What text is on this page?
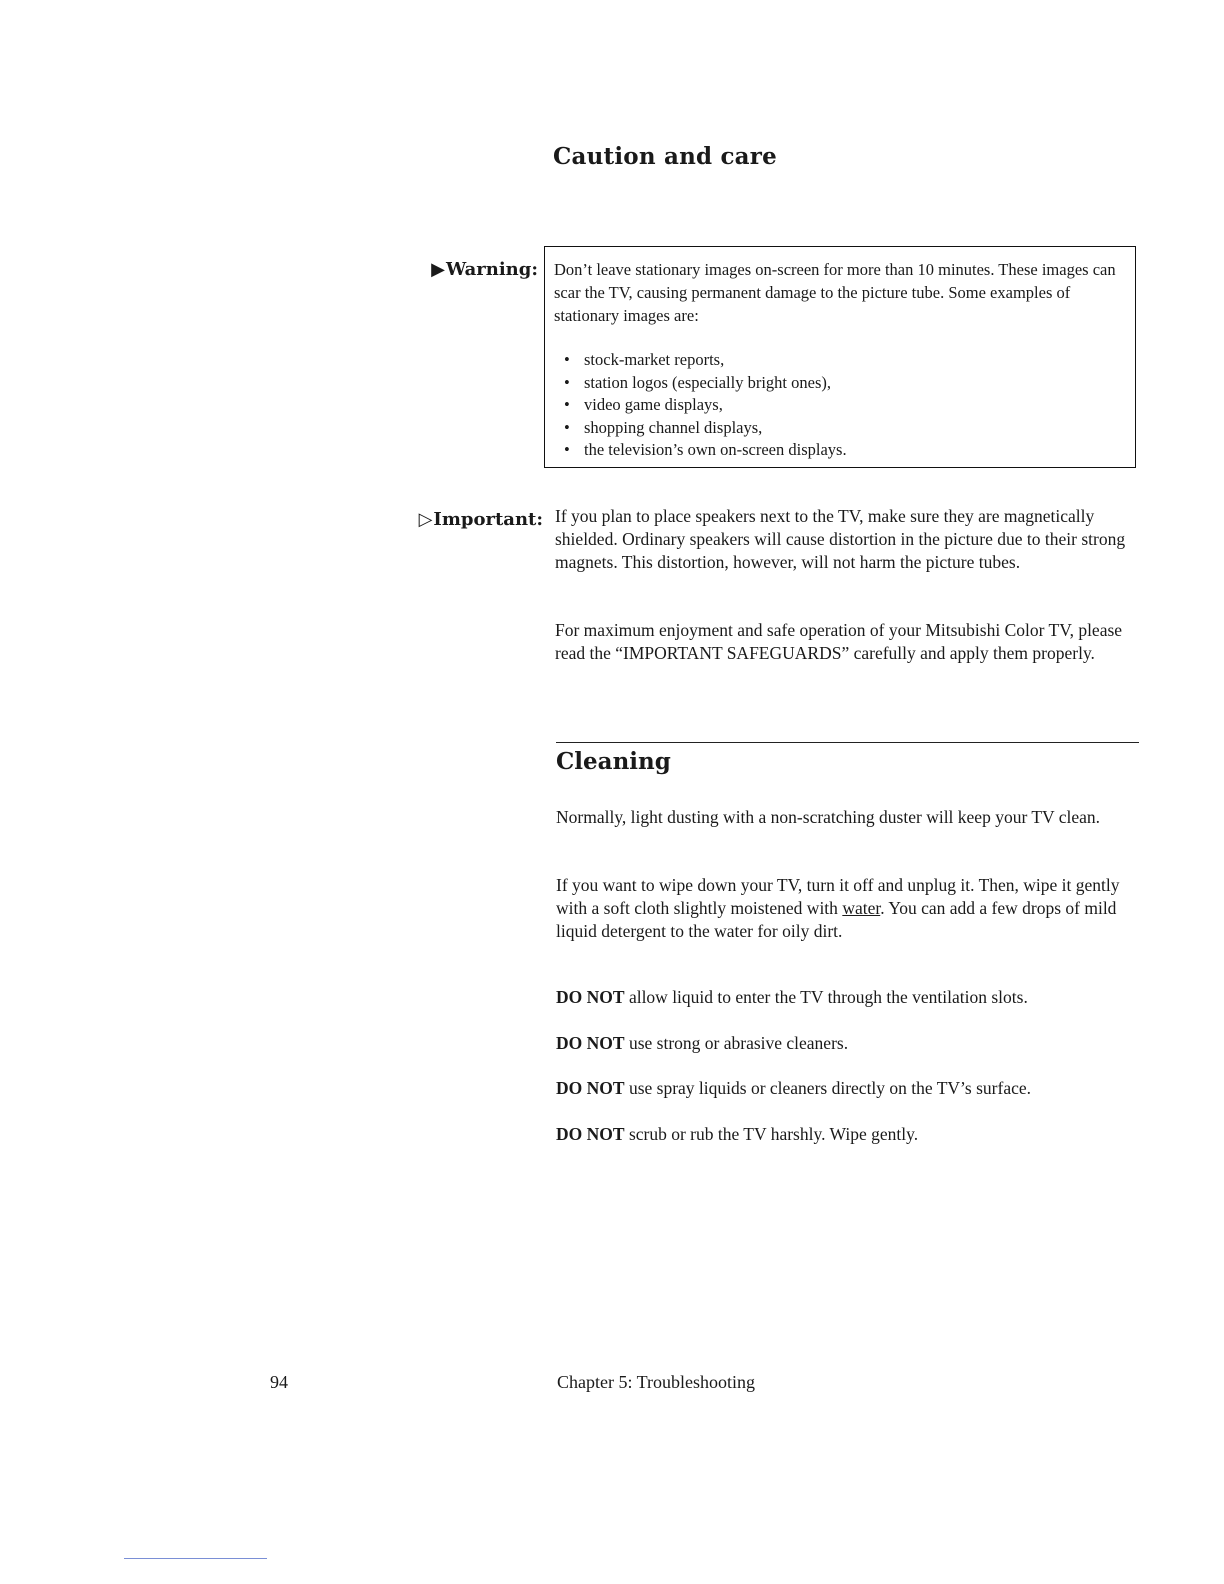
Caution and care
▶Warning: Don’t leave stationary images on-screen for more than 10 minutes. These images can scar the TV, causing permanent damage to the picture tube. Some examples of stationary images are:

• stock-market reports,
• station logos (especially bright ones),
• video game displays,
• shopping channel displays,
• the television’s own on-screen displays.
▷Important: If you plan to place speakers next to the TV, make sure they are magnetically shielded. Ordinary speakers will cause distortion in the picture due to their strong magnets. This distortion, however, will not harm the picture tubes.

For maximum enjoyment and safe operation of your Mitsubishi Color TV, please read the “IMPORTANT SAFEGUARDS” carefully and apply them properly.

Cleaning

Normally, light dusting with a non-scratching duster will keep your TV clean.

If you want to wipe down your TV, turn it off and unplug it. Then, wipe it gently with a soft cloth slightly moistened with water. You can add a few drops of mild liquid detergent to the water for oily dirt.

DO NOT allow liquid to enter the TV through the ventilation slots.
DO NOT use strong or abrasive cleaners.
DO NOT use spray liquids or cleaners directly on the TV’s surface.
DO NOT scrub or rub the TV harshly. Wipe gently.
94	Chapter 5: Troubleshooting
